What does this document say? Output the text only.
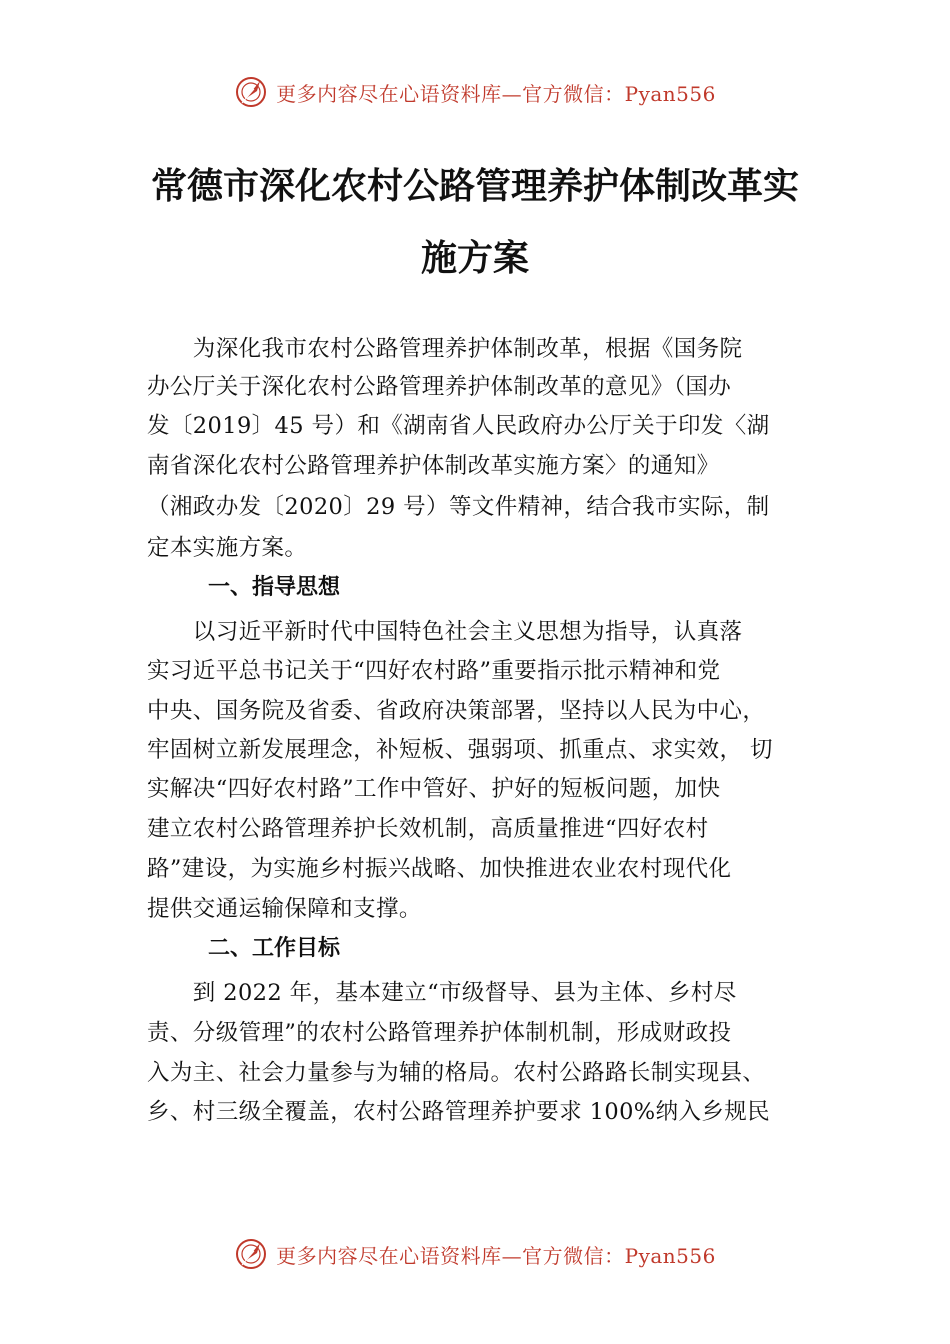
更多内容尽在心语资料库—官方微信：Pyan556
常德市深化农村公路管理养护体制改革实
施方案
　　为深化我市农村公路管理养护体制改革，根据《国务院
办公厅关于深化农村公路管理养护体制改革的意见》（国办
发〔2019〕45 号）和《湖南省人民政府办公厅关于印发〈湖
南省深化农村公路管理养护体制改革实施方案〉的通知》
（湘政办发〔2020〕29 号）等文件精神，结合我市实际，制
定本实施方案。
一、指导思想
　　以习近平新时代中国特色社会主义思想为指导，认真落
实习近平总书记关于“四好农村路”重要指示批示精神和党
中央、国务院及省委、省政府决策部署，坚持以人民为中心，
牢固树立新发展理念，补短板、强弱项、抓重点、求实效， 切
实解决“四好农村路”工作中管好、护好的短板问题，加快
建立农村公路管理养护长效机制，高质量推进“四好农村
路”建设，为实施乡村振兴战略、加快推进农业农村现代化
提供交通运输保障和支撑。
二、工作目标
　　到 2022 年，基本建立“市级督导、县为主体、乡村尽
责、分级管理”的农村公路管理养护体制机制，形成财政投
入为主、社会力量参与为辅的格局。农村公路路长制实现县、
乡、村三级全覆盖，农村公路管理养护要求 100%纳入乡规民
更多内容尽在心语资料库—官方微信：Pyan556
